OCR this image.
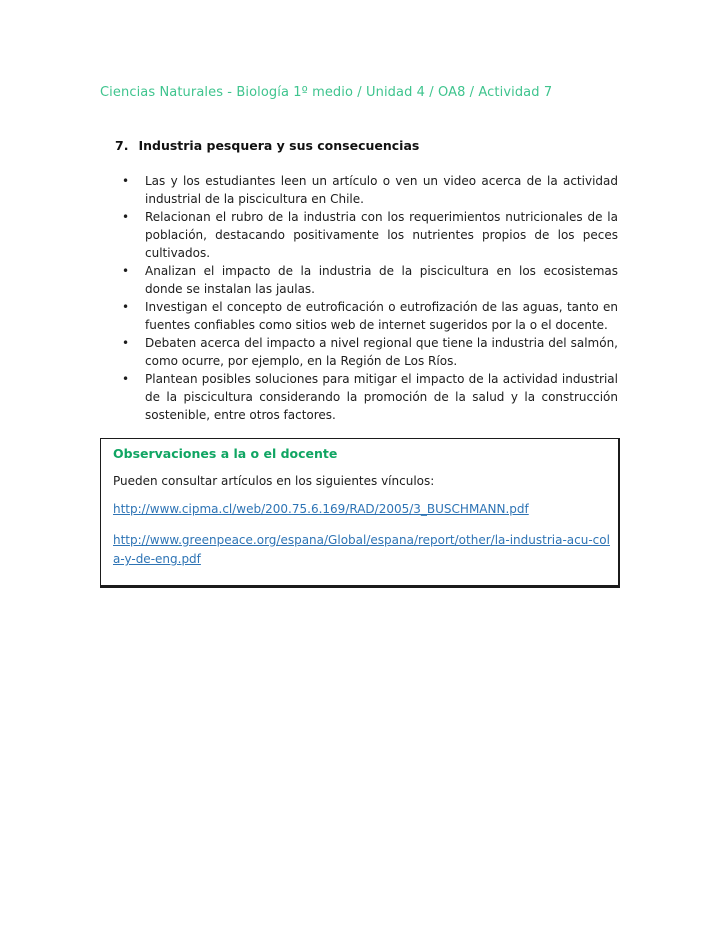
Ciencias Naturales - Biología 1º medio / Unidad 4 / OA8 / Actividad 7
7. Industria pesquera y sus consecuencias
• Las y los estudiantes leen un artículo o ven un video acerca de la actividad industrial de la piscicultura en Chile.
• Relacionan el rubro de la industria con los requerimientos nutricionales de la población, destacando positivamente los nutrientes propios de los peces cultivados.
• Analizan el impacto de la industria de la piscicultura en los ecosistemas donde se instalan las jaulas.
• Investigan el concepto de eutroficación o eutrofización de las aguas, tanto en fuentes confiables como sitios web de internet sugeridos por la o el docente.
• Debaten acerca del impacto a nivel regional que tiene la industria del salmón, como ocurre, por ejemplo, en la Región de Los Ríos.
• Plantean posibles soluciones para mitigar el impacto de la actividad industrial de la piscicultura considerando la promoción de la salud y la construcción sostenible, entre otros factores.
Observaciones a la o el docente
Pueden consultar artículos en los siguientes vínculos:
http://www.cipma.cl/web/200.75.6.169/RAD/2005/3_BUSCHMANN.pdf
http://www.greenpeace.org/espana/Global/espana/report/other/la-industria-acu-cola-y-de-eng.pdf
